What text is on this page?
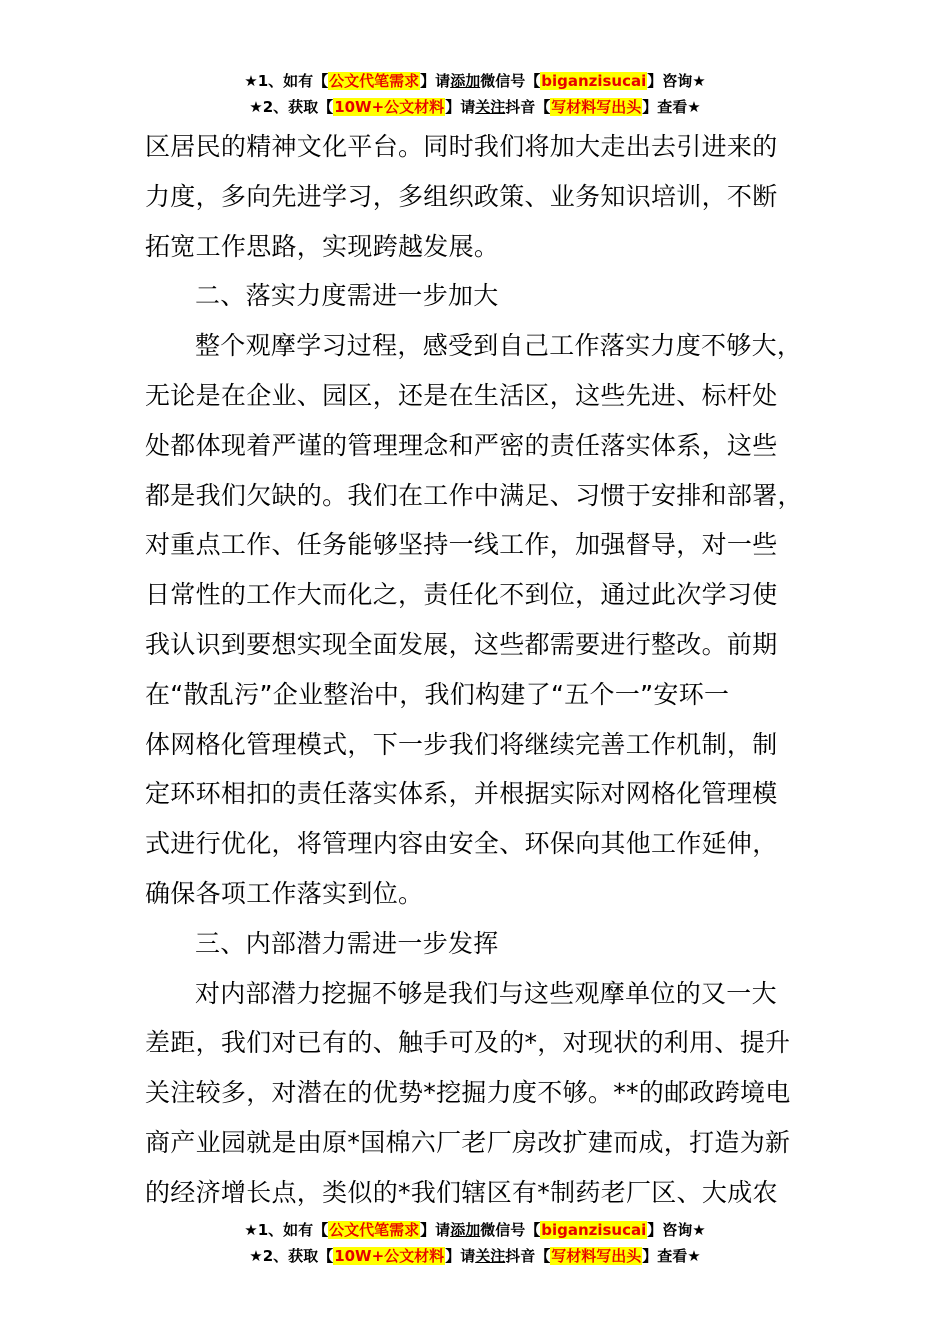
★1、如有【公文代笔需求】请添加微信号【biganzisucai】咨询★
★2、获取【10W+公文材料】请关注抖音【写材料写出头】查看★
区居民的精神文化平台。同时我们将加大走出去引进来的
力度，多向先进学习，多组织政策、业务知识培训，不断
拓宽工作思路，实现跨越发展。
二、落实力度需进一步加大
整个观摩学习过程，感受到自己工作落实力度不够大，
无论是在企业、园区，还是在生活区，这些先进、标杆处
处都体现着严谨的管理理念和严密的责任落实体系，这些
都是我们欠缺的。我们在工作中满足、习惯于安排和部署，
对重点工作、任务能够坚持一线工作，加强督导，对一些
日常性的工作大而化之，责任化不到位，通过此次学习使
我认识到要想实现全面发展，这些都需要进行整改。前期
在“散乱污”企业整治中，我们构建了“五个一”安环一
体网格化管理模式，下一步我们将继续完善工作机制，制
定环环相扣的责任落实体系，并根据实际对网格化管理模
式进行优化，将管理内容由安全、环保向其他工作延伸，
确保各项工作落实到位。
三、内部潜力需进一步发挥
对内部潜力挖掘不够是我们与这些观摩单位的又一大
差距，我们对已有的、触手可及的*，对现状的利用、提升
关注较多，对潜在的优势*挖掘力度不够。**的邮政跨境电
商产业园就是由原*国棉六厂老厂房改扩建而成，打造为新
的经济增长点，类似的*我们辖区有*制药老厂区、大成农
★1、如有【公文代笔需求】请添加微信号【biganzisucai】咨询★
★2、获取【10W+公文材料】请关注抖音【写材料写出头】查看★
